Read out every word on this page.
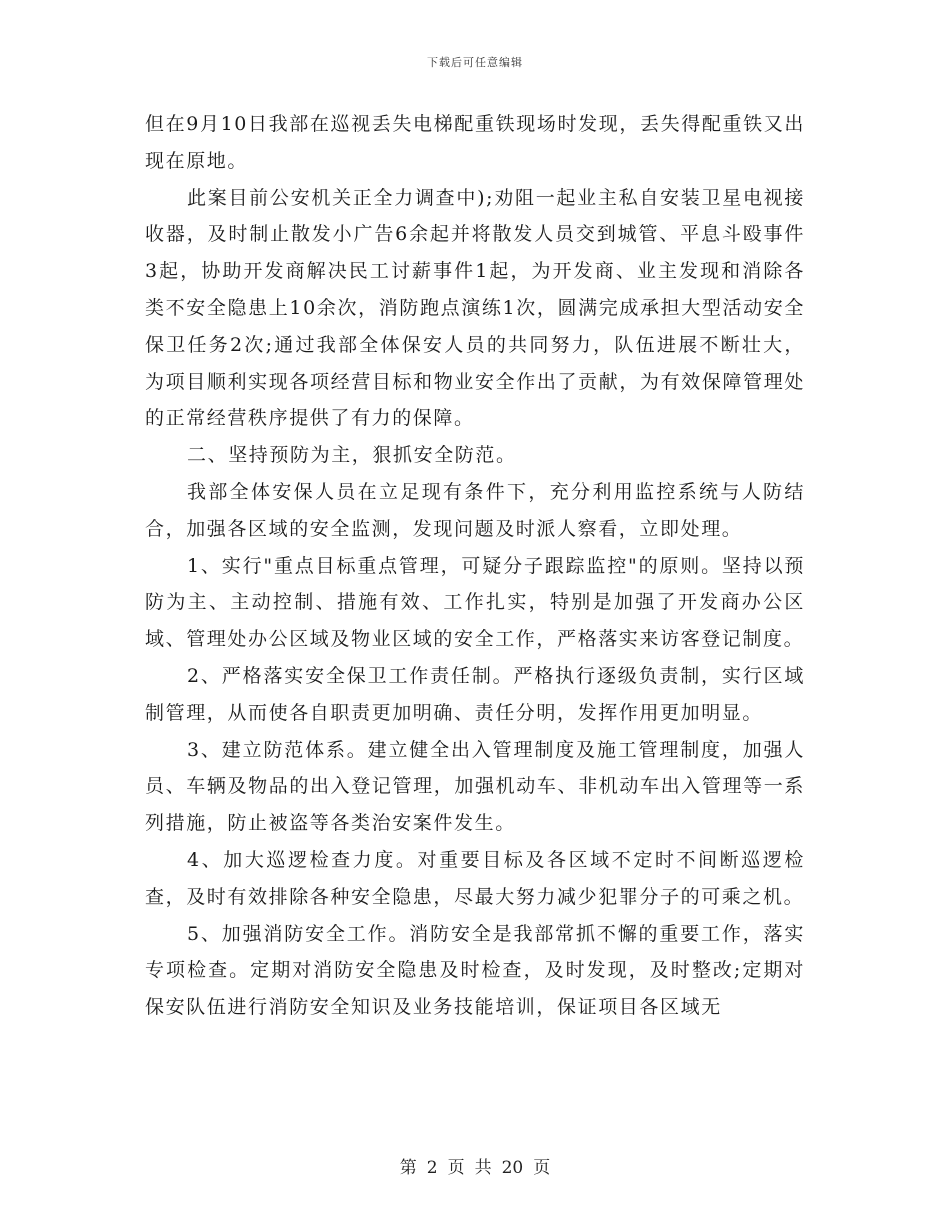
下载后可任意编辑

但在9月10日我部在巡视丢失电梯配重铁现场时发现，丢失得配重铁又出现在原地。

此案目前公安机关正全力调查中);劝阻一起业主私自安装卫星电视接收器，及时制止散发小广告6余起并将散发人员交到城管、平息斗殴事件3起，协助开发商解决民工讨薪事件1起，为开发商、业主发现和消除各类不安全隐患上10余次，消防跑点演练1次，圆满完成承担大型活动安全保卫任务2次;通过我部全体保安人员的共同努力，队伍进展不断壮大，为项目顺利实现各项经营目标和物业安全作出了贡献，为有效保障管理处的正常经营秩序提供了有力的保障。

二、坚持预防为主，狠抓安全防范。

我部全体安保人员在立足现有条件下，充分利用监控系统与人防结合，加强各区域的安全监测，发现问题及时派人察看，立即处理。

1、实行"重点目标重点管理，可疑分子跟踪监控"的原则。坚持以预防为主、主动控制、措施有效、工作扎实，特别是加强了开发商办公区域、管理处办公区域及物业区域的安全工作，严格落实来访客登记制度。

2、严格落实安全保卫工作责任制。严格执行逐级负责制，实行区域制管理，从而使各自职责更加明确、责任分明，发挥作用更加明显。

3、建立防范体系。建立健全出入管理制度及施工管理制度，加强人员、车辆及物品的出入登记管理，加强机动车、非机动车出入管理等一系列措施，防止被盗等各类治安案件发生。

4、加大巡逻检查力度。对重要目标及各区域不定时不间断巡逻检查，及时有效排除各种安全隐患，尽最大努力减少犯罪分子的可乘之机。

5、加强消防安全工作。消防安全是我部常抓不懈的重要工作，落实专项检查。定期对消防安全隐患及时检查，及时发现，及时整改;定期对保安队伍进行消防安全知识及业务技能培训，保证项目各区域无

第 2 页 共 20 页
